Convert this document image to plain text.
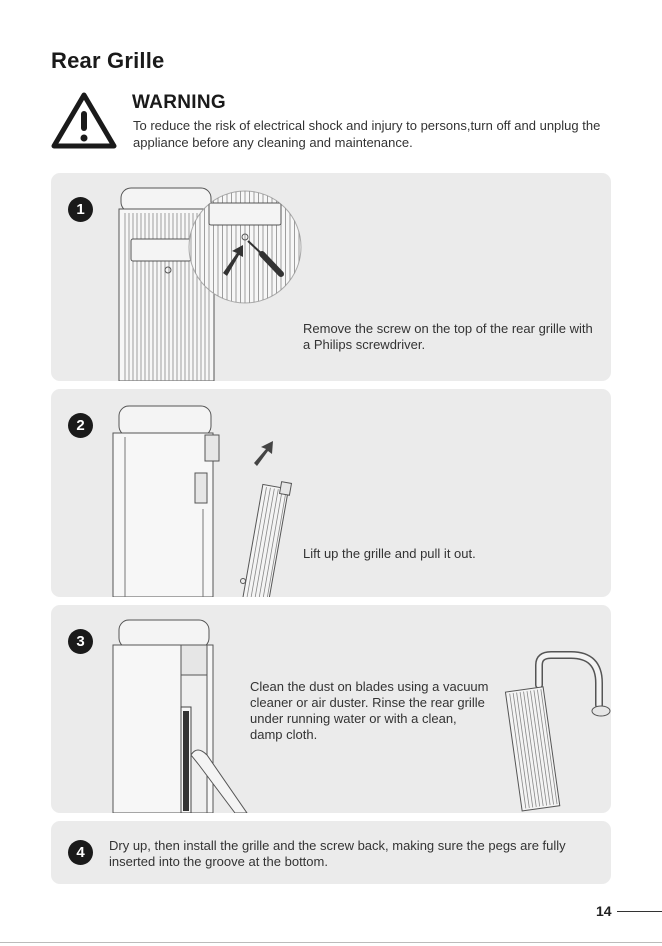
Rear Grille
WARNING

To reduce the risk of electrical shock and injury to persons,turn off and unplug the appliance before any cleaning and maintenance.

1

Remove the screw on the top of the rear grille with a Philips screwdriver.

2

Lift up the grille and pull it out.

3

Clean the dust on blades using a vacuum cleaner or air duster. Rinse the rear grille under running water or with a clean, damp cloth.

4	Dry up, then install the grille and the screw back, making sure the pegs are fully inserted into the groove at the bottom.

14
